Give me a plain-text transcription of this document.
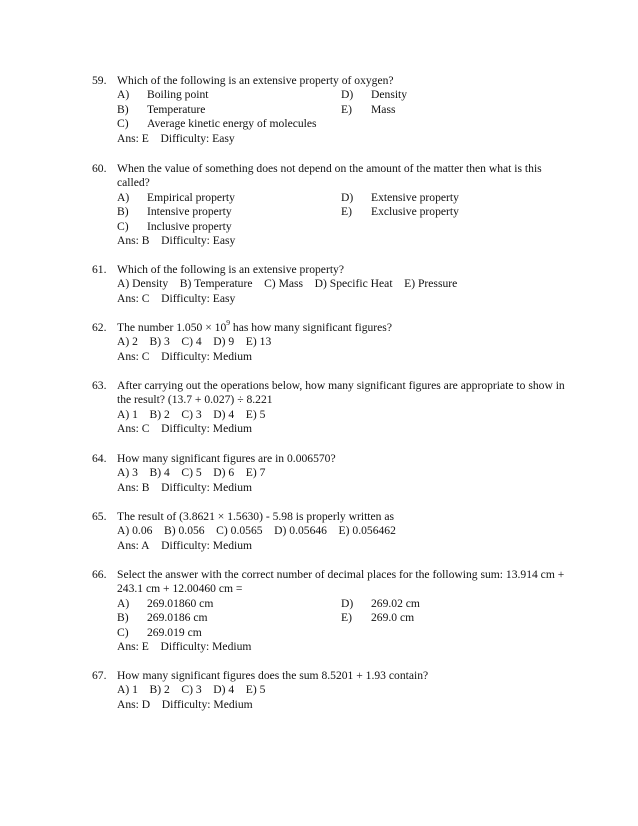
59. Which of the following is an extensive property of oxygen?
A) Boiling point	D) Density
B) Temperature	E) Mass
C) Average kinetic energy of molecules
Ans: E Difficulty: Easy
60. When the value of something does not depend on the amount of the matter then what is this called?
A) Empirical property	D) Extensive property
B) Intensive property	E) Exclusive property
C) Inclusive property
Ans: B Difficulty: Easy
61. Which of the following is an extensive property?
A) Density    B) Temperature    C) Mass    D) Specific Heat    E) Pressure
Ans: C Difficulty: Easy
62. The number $1.050 \times 10^9$ has how many significant figures?
A) 2    B) 3    C) 4    D) 9    E) 13
Ans: C Difficulty: Medium
63. After carrying out the operations below, how many significant figures are appropriate to show in the result? (13.7 + 0.027) ÷ 8.221
A) 1    B) 2    C) 3    D) 4    E) 5
Ans: C Difficulty: Medium
64. How many significant figures are in 0.006570?
A) 3    B) 4    C) 5    D) 6    E) 7
Ans: B Difficulty: Medium
65. The result of (3.8621 × 1.5630) - 5.98 is properly written as
A) 0.06    B) 0.056    C) 0.0565    D) 0.05646    E) 0.056462
Ans: A Difficulty: Medium
66. Select the answer with the correct number of decimal places for the following sum: 13.914 cm + 243.1 cm + 12.00460 cm =
A) 269.01860 cm	D) 269.02 cm
B) 269.0186 cm	E) 269.0 cm
C) 269.019 cm
Ans: E Difficulty: Medium
67. How many significant figures does the sum 8.5201 + 1.93 contain?
A) 1    B) 2    C) 3    D) 4    E) 5
Ans: D Difficulty: Medium
